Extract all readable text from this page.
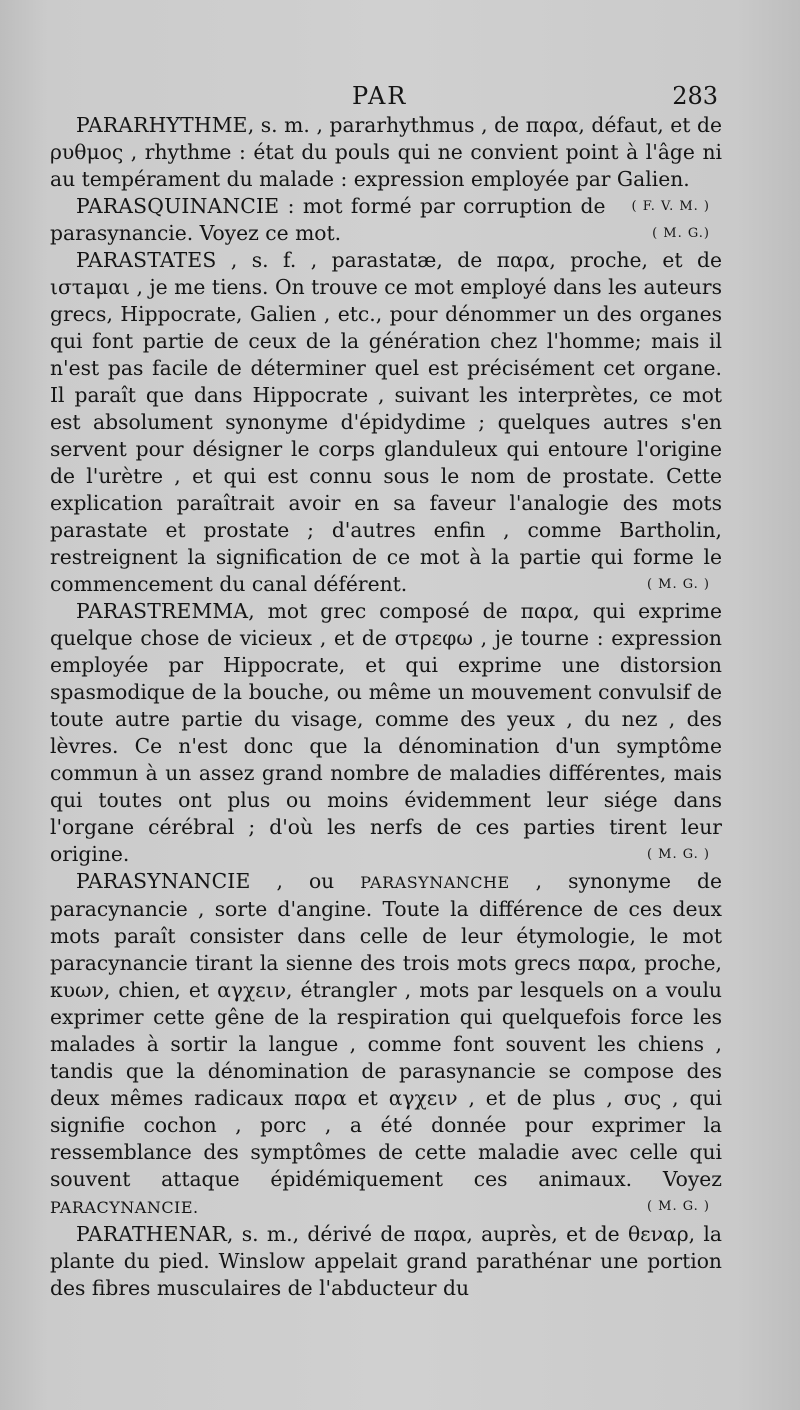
PAR	283

PARARHYTHME, s. m. , pararhythmus , de παρα, défaut, et de ρυθμος , rhythme : état du pouls qui ne convient point à l'âge ni au tempérament du malade : expression employée par Galien.
( F. V. M. )

PARASQUINANCIE : mot formé par corruption de parasynancie. Voyez ce mot.	( M. G.)

PARASTATES , s. f. , parastatæ, de παρα, proche, et de ιστaμαι , je me tiens. On trouve ce mot employé dans les auteurs grecs, Hippocrate, Galien , etc., pour dénommer un des organes qui font partie de ceux de la génération chez l'homme; mais il n'est pas facile de déterminer quel est précisément cet organe. Il paraît que dans Hippocrate , suivant les interprètes, ce mot est absolument synonyme d'épidydime ; quelques autres s'en servent pour désigner le corps glanduleux qui entoure l'origine de l'urètre , et qui est connu sous le nom de prostate. Cette explication paraîtrait avoir en sa faveur l'analogie des mots parastate et prostate ; d'autres enfin , comme Bartholin, restreignent la signification de ce mot à la partie qui forme le commencement du canal déférent.	( M. G. )

PARASTREMMA, mot grec composé de παρα, qui exprime quelque chose de vicieux , et de στρεφω , je tourne : expression employée par Hippocrate, et qui exprime une distorsion spasmodique de la bouche, ou même un mouvement convulsif de toute autre partie du visage, comme des yeux , du nez , des lèvres. Ce n'est donc que la dénomination d'un symptôme commun à un assez grand nombre de maladies différentes, mais qui toutes ont plus ou moins évidemment leur siége dans l'organe cérébral ; d'où les nerfs de ces parties tirent leur origine.	( M. G. )

PARASYNANCIE , ou PARASYNANCHE , synonyme de paracynancie , sorte d'angine. Toute la différence de ces deux mots paraît consister dans celle de leur étymologie, le mot paracynancie tirant la sienne des trois mots grecs παρα, proche, κυων, chien, et αγχειν, étrangler , mots par lesquels on a voulu exprimer cette gêne de la respiration qui quelquefois force les malades à sortir la langue , comme font souvent les chiens , tandis que la dénomination de parasynancie se compose des deux mêmes radicaux παρα et αγχειν , et de plus , συς , qui signifie cochon , porc , a été donnée pour exprimer la ressemblance des symptômes de cette maladie avec celle qui souvent attaque épidémiquement ces animaux. Voyez PARACYNANCIE.	( M. G. )

PARATHENAR, s. m., dérivé de παρα, auprès, et de θεναρ, la plante du pied. Winslow appelait grand parathénar une portion des fibres musculaires de l'abducteur du
